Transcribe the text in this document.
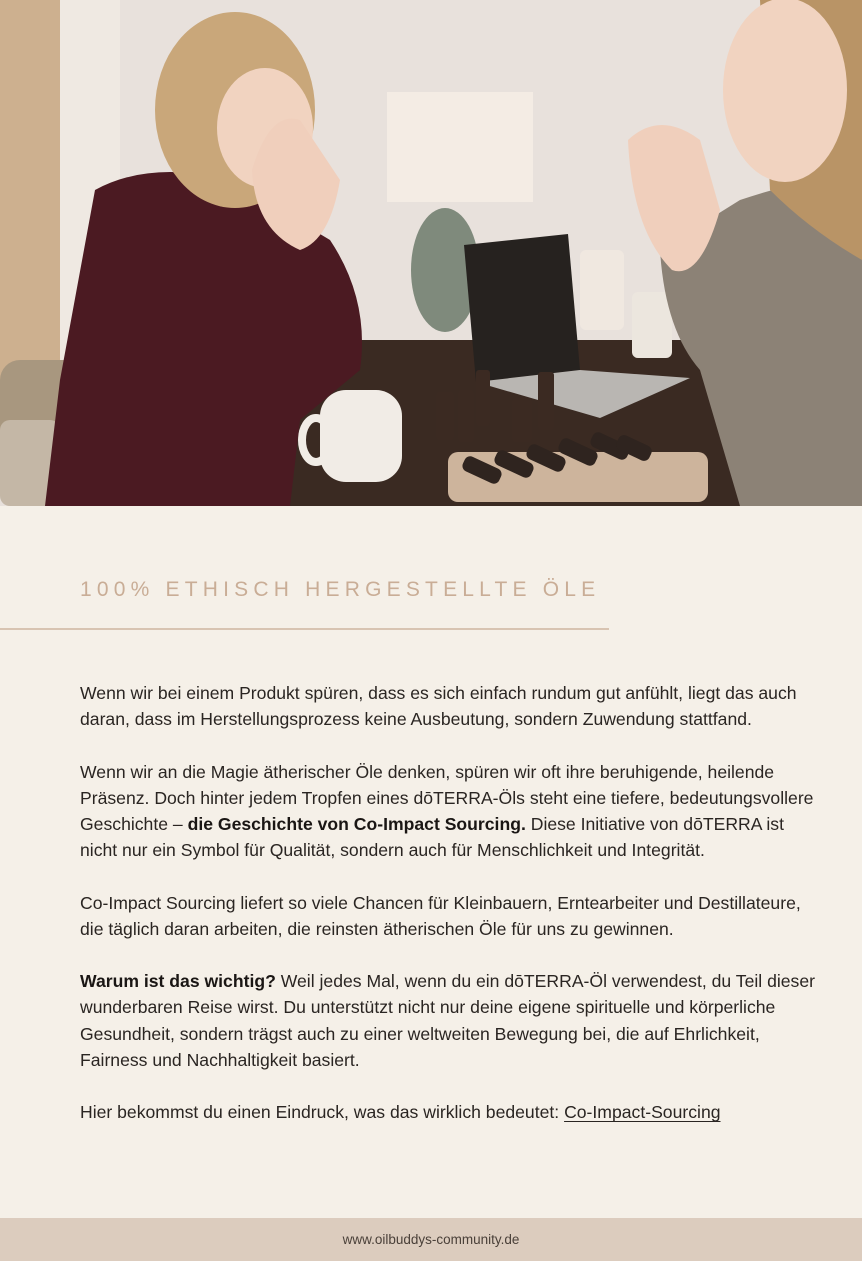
100% ETHISCH HERGESTELLTE ÖLE

Wenn wir bei einem Produkt spüren, dass es sich einfach rundum gut anfühlt, liegt das auch daran, dass im Herstellungsprozess keine Ausbeutung, sondern Zuwendung stattfand.

Wenn wir an die Magie ätherischer Öle denken, spüren wir oft ihre beruhigende, heilende Präsenz. Doch hinter jedem Tropfen eines dōTERRA-Öls steht eine tiefere, bedeutungsvollere Geschichte – die Geschichte von Co-Impact Sourcing. Diese Initiative von dōTERRA ist nicht nur ein Symbol für Qualität, sondern auch für Menschlichkeit und Integrität.

Co-Impact Sourcing liefert so viele Chancen für Kleinbauern, Erntearbeiter und Destillateure, die täglich daran arbeiten, die reinsten ätherischen Öle für uns zu gewinnen.

Warum ist das wichtig? Weil jedes Mal, wenn du ein dōTERRA-Öl verwendest, du Teil dieser wunderbaren Reise wirst. Du unterstützt nicht nur deine eigene spirituelle und körperliche Gesundheit, sondern trägst auch zu einer weltweiten Bewegung bei, die auf Ehrlichkeit, Fairness und Nachhaltigkeit basiert.

Hier bekommst du einen Eindruck, was das wirklich bedeutet: Co-Impact-Sourcing

www.oilbuddys-community.de
